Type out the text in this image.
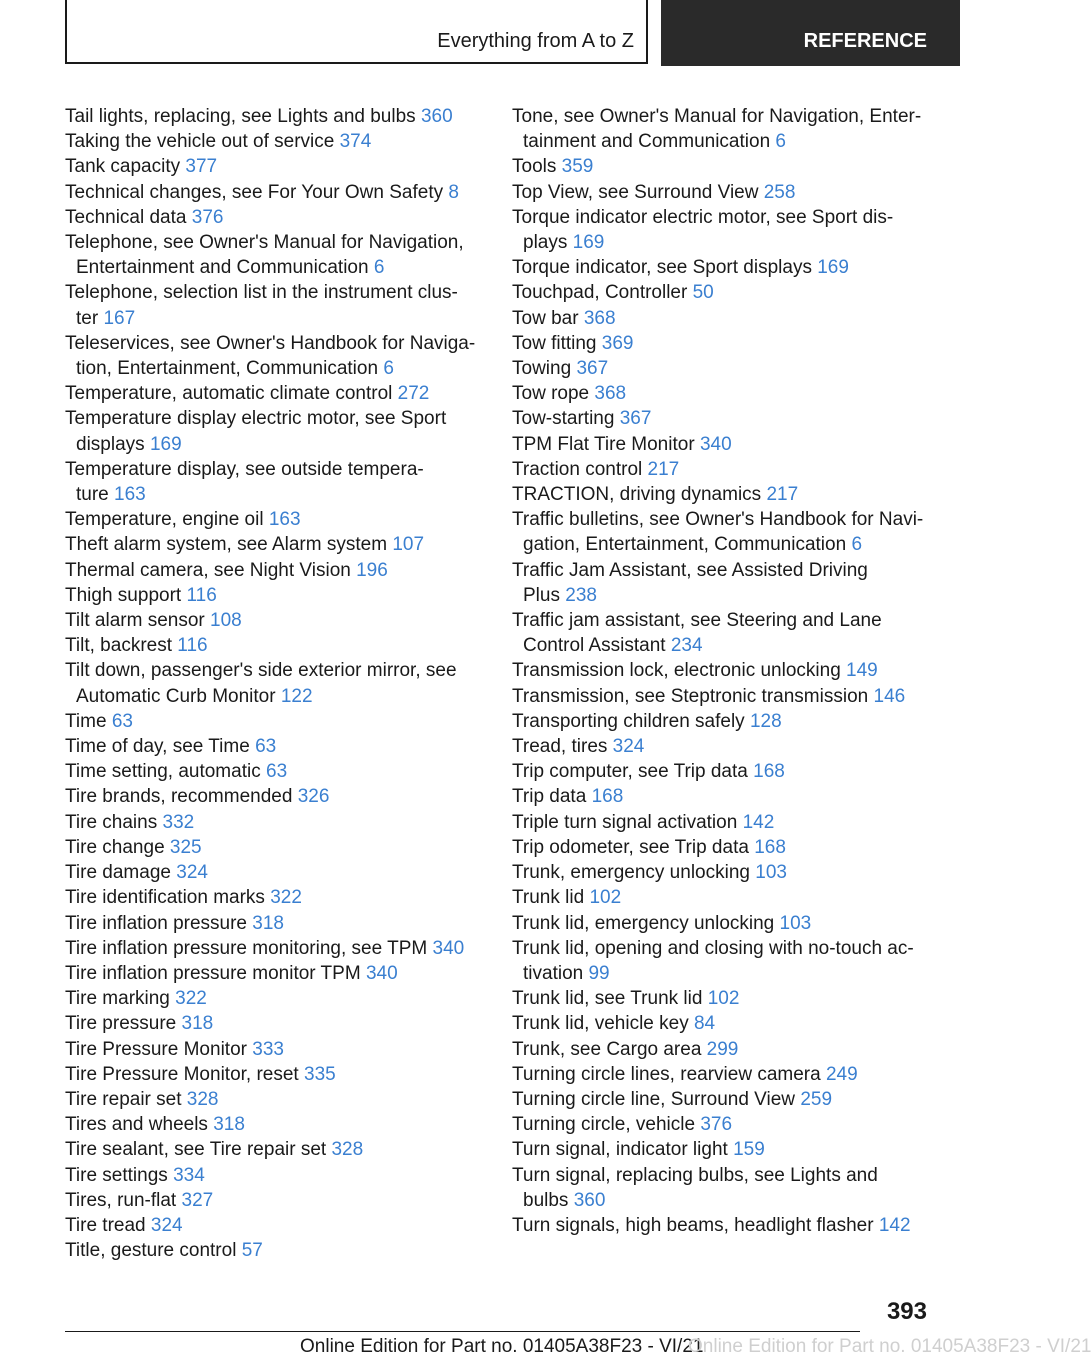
Everything from A to Z	REFERENCE

Tail lights, replacing, see Lights and bulbs 360

Taking the vehicle out of service 374

Tank capacity 377

Technical changes, see For Your Own Safety 8

Technical data 376

Telephone, see Owner's Manual for Navigation,
Entertainment and Communication 6

Telephone, selection list in the instrument clus-
ter 167

Teleservices, see Owner's Handbook for Naviga-
tion, Entertainment, Communication 6

Temperature, automatic climate control 272

Temperature display electric motor, see Sport
displays 169

Temperature display, see outside tempera-
ture 163

Temperature, engine oil 163

Theft alarm system, see Alarm system 107

Thermal camera, see Night Vision 196

Thigh support 116

Tilt alarm sensor 108

Tilt, backrest 116

Tilt down, passenger's side exterior mirror, see
Automatic Curb Monitor 122

Time 63

Time of day, see Time 63

Time setting, automatic 63

Tire brands, recommended 326

Tire chains 332

Tire change 325

Tire damage 324

Tire identification marks 322

Tire inflation pressure 318

Tire inflation pressure monitoring, see TPM 340

Tire inflation pressure monitor TPM 340

Tire marking 322

Tire pressure 318

Tire Pressure Monitor 333

Tire Pressure Monitor, reset 335

Tire repair set 328

Tires and wheels 318

Tire sealant, see Tire repair set 328

Tire settings 334

Tires, run-flat 327

Tire tread 324

Title, gesture control 57

Tone, see Owner's Manual for Navigation, Enter-
tainment and Communication 6

Tools 359

Top View, see Surround View 258

Torque indicator electric motor, see Sport dis-
plays 169

Torque indicator, see Sport displays 169

Touchpad, Controller 50

Tow bar 368

Tow fitting 369

Towing 367

Tow rope 368

Tow-starting 367

TPM Flat Tire Monitor 340

Traction control 217

TRACTION, driving dynamics 217

Traffic bulletins, see Owner's Handbook for Navi-
gation, Entertainment, Communication 6

Traffic Jam Assistant, see Assisted Driving
Plus 238

Traffic jam assistant, see Steering and Lane
Control Assistant 234

Transmission lock, electronic unlocking 149

Transmission, see Steptronic transmission 146

Transporting children safely 128

Tread, tires 324

Trip computer, see Trip data 168

Trip data 168

Triple turn signal activation 142

Trip odometer, see Trip data 168

Trunk, emergency unlocking 103

Trunk lid 102

Trunk lid, emergency unlocking 103

Trunk lid, opening and closing with no-touch ac-
tivation 99

Trunk lid, see Trunk lid 102

Trunk lid, vehicle key 84

Trunk, see Cargo area 299

Turning circle lines, rearview camera 249

Turning circle line, Surround View 259

Turning circle, vehicle 376

Turn signal, indicator light 159

Turn signal, replacing bulbs, see Lights and
bulbs 360

Turn signals, high beams, headlight flasher 142

393
Online Edition for Part no. 01405A38F23 - VI/21
Online Edition for Part no. 01405A38F23 - VI/21
